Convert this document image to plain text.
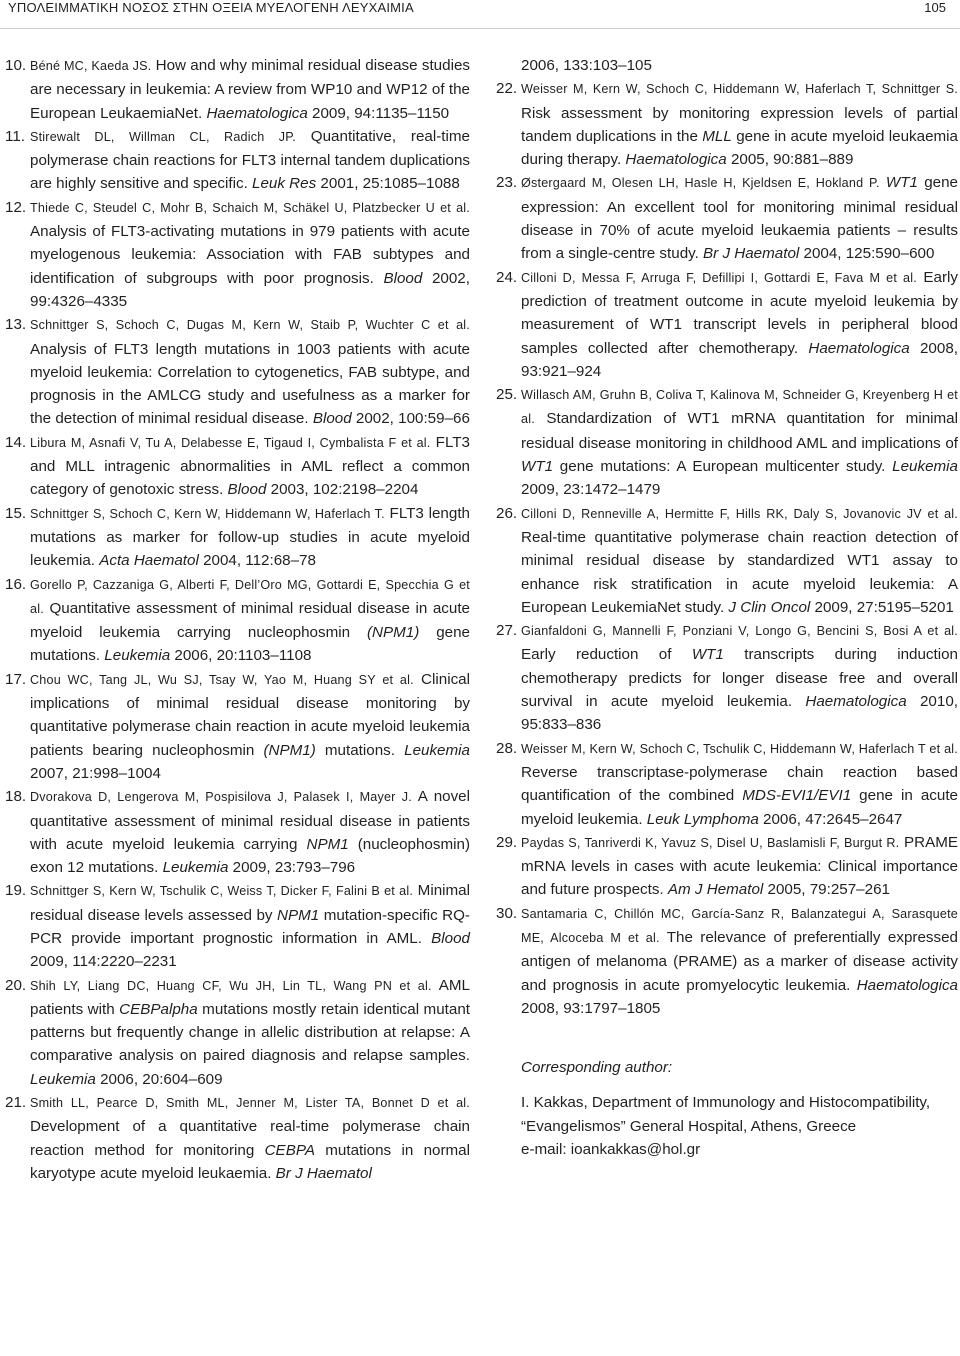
ΥΠΟΛΕΙΜΜΑΤΙΚΗ ΝΟΣΟΣ ΣΤΗΝ ΟΞΕΙΑ ΜΥΕΛΟΓΕΝΗ ΛΕΥΧΑΙΜΙΑ	105
10. Béné MC, Kaeda JS. How and why minimal residual disease studies are necessary in leukemia: A review from WP10 and WP12 of the European LeukaemiaNet. Haematologica 2009, 94:1135‒1150
11. Stirewalt DL, Willman CL, Radich JP. Quantitative, real-time polymerase chain reactions for FLT3 internal tandem duplications are highly sensitive and specific. Leuk Res 2001, 25:1085‒1088
12. Thiede C, Steudel C, Mohr B, Schaich M, Schäkel U, Platzbecker U et al. Analysis of FLT3-activating mutations in 979 patients with acute myelogenous leukemia: Association with FAB subtypes and identification of subgroups with poor prognosis. Blood 2002, 99:4326‒4335
13. Schnittger S, Schoch C, Dugas M, Kern W, Staib P, Wuchter C et al. Analysis of FLT3 length mutations in 1003 patients with acute myeloid leukemia: Correlation to cytogenetics, FAB subtype, and prognosis in the AMLCG study and usefulness as a marker for the detection of minimal residual disease. Blood 2002, 100:59‒66
14. Libura M, Asnafi V, Tu A, Delabesse E, Tigaud I, Cymbalista F et al. FLT3 and MLL intragenic abnormalities in AML reflect a common category of genotoxic stress. Blood 2003, 102:2198‒2204
15. Schnittger S, Schoch C, Kern W, Hiddemann W, Haferlach T. FLT3 length mutations as marker for follow-up studies in acute myeloid leukemia. Acta Haematol 2004, 112:68‒78
16. Gorello P, Cazzaniga G, Alberti F, Dell’Oro MG, Gottardi E, Specchia G et al. Quantitative assessment of minimal residual disease in acute myeloid leukemia carrying nucleophosmin (NPM1) gene mutations. Leukemia 2006, 20:1103‒1108
17. Chou WC, Tang JL, Wu SJ, Tsay W, Yao M, Huang SY et al. Clinical implications of minimal residual disease monitoring by quantitative polymerase chain reaction in acute myeloid leukemia patients bearing nucleophosmin (NPM1) mutations. Leukemia 2007, 21:998‒1004
18. Dvorakova D, Lengerova M, Pospisilova J, Palasek I, Mayer J. A novel quantitative assessment of minimal residual disease in patients with acute myeloid leukemia carrying NPM1 (nucleophosmin) exon 12 mutations. Leukemia 2009, 23:793‒796
19. Schnittger S, Kern W, Tschulik C, Weiss T, Dicker F, Falini B et al. Minimal residual disease levels assessed by NPM1 mutation-specific RQ-PCR provide important prognostic information in AML. Blood 2009, 114:2220‒2231
20. Shih LY, Liang DC, Huang CF, Wu JH, Lin TL, Wang PN et al. AML patients with CEBPalpha mutations mostly retain identical mutant patterns but frequently change in allelic distribution at relapse: A comparative analysis on paired diagnosis and relapse samples. Leukemia 2006, 20:604‒609
21. Smith LL, Pearce D, Smith ML, Jenner M, Lister TA, Bonnet D et al. Development of a quantitative real-time polymerase chain reaction method for monitoring CEBPA mutations in normal karyotype acute myeloid leukaemia. Br J Haematol
2006, 133:103‒105
22. Weisser M, Kern W, Schoch C, Hiddemann W, Haferlach T, Schnittger S. Risk assessment by monitoring expression levels of partial tandem duplications in the MLL gene in acute myeloid leukaemia during therapy. Haematologica 2005, 90:881‒889
23. Østergaard M, Olesen LH, Hasle H, Kjeldsen E, Hokland P. WT1 gene expression: An excellent tool for monitoring minimal residual disease in 70% of acute myeloid leukaemia patients – results from a single-centre study. Br J Haematol 2004, 125:590‒600
24. Cilloni D, Messa F, Arruga F, Defillipi I, Gottardi E, Fava M et al. Early prediction of treatment outcome in acute myeloid leukemia by measurement of WT1 transcript levels in peripheral blood samples collected after chemotherapy. Haematologica 2008, 93:921‒924
25. Willasch AM, Gruhn B, Coliva T, Kalinova M, Schneider G, Kreyenberg H et al. Standardization of WT1 mRNA quantitation for minimal residual disease monitoring in childhood AML and implications of WT1 gene mutations: A European multicenter study. Leukemia 2009, 23:1472‒1479
26. Cilloni D, Renneville A, Hermitte F, Hills RK, Daly S, Jovanovic JV et al. Real-time quantitative polymerase chain reaction detection of minimal residual disease by standardized WT1 assay to enhance risk stratification in acute myeloid leukemia: A European LeukemiaNet study. J Clin Oncol 2009, 27:5195‒5201
27. Gianfaldoni G, Mannelli F, Ponziani V, Longo G, Bencini S, Bosi A et al. Early reduction of WT1 transcripts during induction chemotherapy predicts for longer disease free and overall survival in acute myeloid leukemia. Haematologica 2010, 95:833‒836
28. Weisser M, Kern W, Schoch C, Tschulik C, Hiddemann W, Haferlach T et al. Reverse transcriptase-polymerase chain reaction based quantification of the combined MDS-EVI1/EVI1 gene in acute myeloid leukemia. Leuk Lymphoma 2006, 47:2645‒2647
29. Paydas S, Tanriverdi K, Yavuz S, Disel U, Baslamisli F, Burgut R. PRAME mRNA levels in cases with acute leukemia: Clinical importance and future prospects. Am J Hematol 2005, 79:257‒261
30. Santamaria C, Chillón MC, García-Sanz R, Balanzategui A, Sarasquete ME, Alcoceba M et al. The relevance of preferentially expressed antigen of melanoma (PRAME) as a marker of disease activity and prognosis in acute promyelocytic leukemia. Haematologica 2008, 93:1797‒1805
Corresponding author:
I. Kakkas, Department of Immunology and Histocompatibility, “Evangelismos” General Hospital, Athens, Greece
e-mail: ioankakkas@hol.gr
